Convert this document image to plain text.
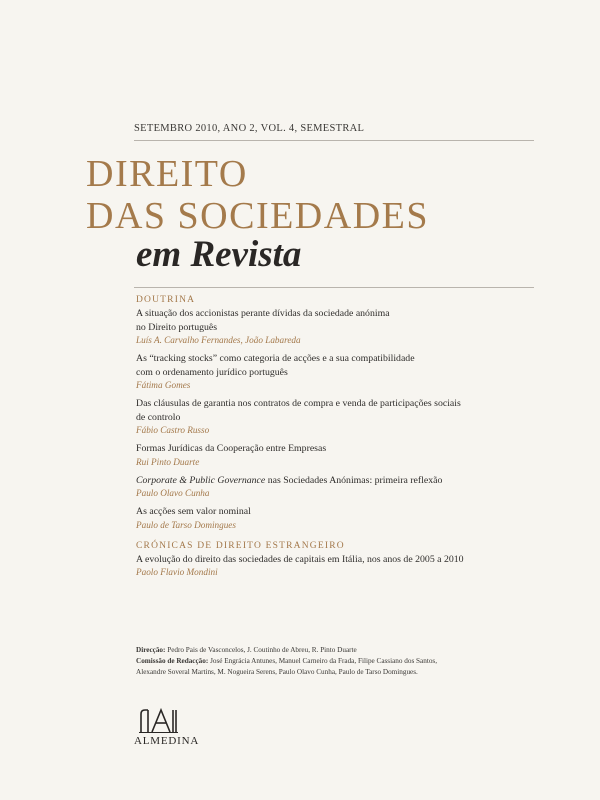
SETEMBRO 2010, ANO 2, VOL. 4, SEMESTRAL
DIREITO
DAS SOCIEDADES
em Revista
DOUTRINA
A situação dos accionistas perante dívidas da sociedade anónima
no Direito português
Luís A. Carvalho Fernandes, João Labareda
As “tracking stocks” como categoria de acções e a sua compatibilidade
com o ordenamento jurídico português
Fátima Gomes
Das cláusulas de garantia nos contratos de compra e venda de participações sociais
de controlo
Fábio Castro Russo
Formas Jurídicas da Cooperação entre Empresas
Rui Pinto Duarte
Corporate & Public Governance nas Sociedades Anónimas: primeira reflexão
Paulo Olavo Cunha
As acções sem valor nominal
Paulo de Tarso Domingues
CRÓNICAS DE DIREITO ESTRANGEIRO
A evolução do direito das sociedades de capitais em Itália, nos anos de 2005 a 2010
Paolo Flavio Mondini
Direcção: Pedro Pais de Vasconcelos, J. Coutinho de Abreu, R. Pinto Duarte
Comissão de Redacção: José Engrácia Antunes, Manuel Carneiro da Frada, Filipe Cassiano dos Santos,
Alexandre Soveral Martins, M. Nogueira Serens, Paulo Olavo Cunha, Paulo de Tarso Domingues.
ALMEDINA
